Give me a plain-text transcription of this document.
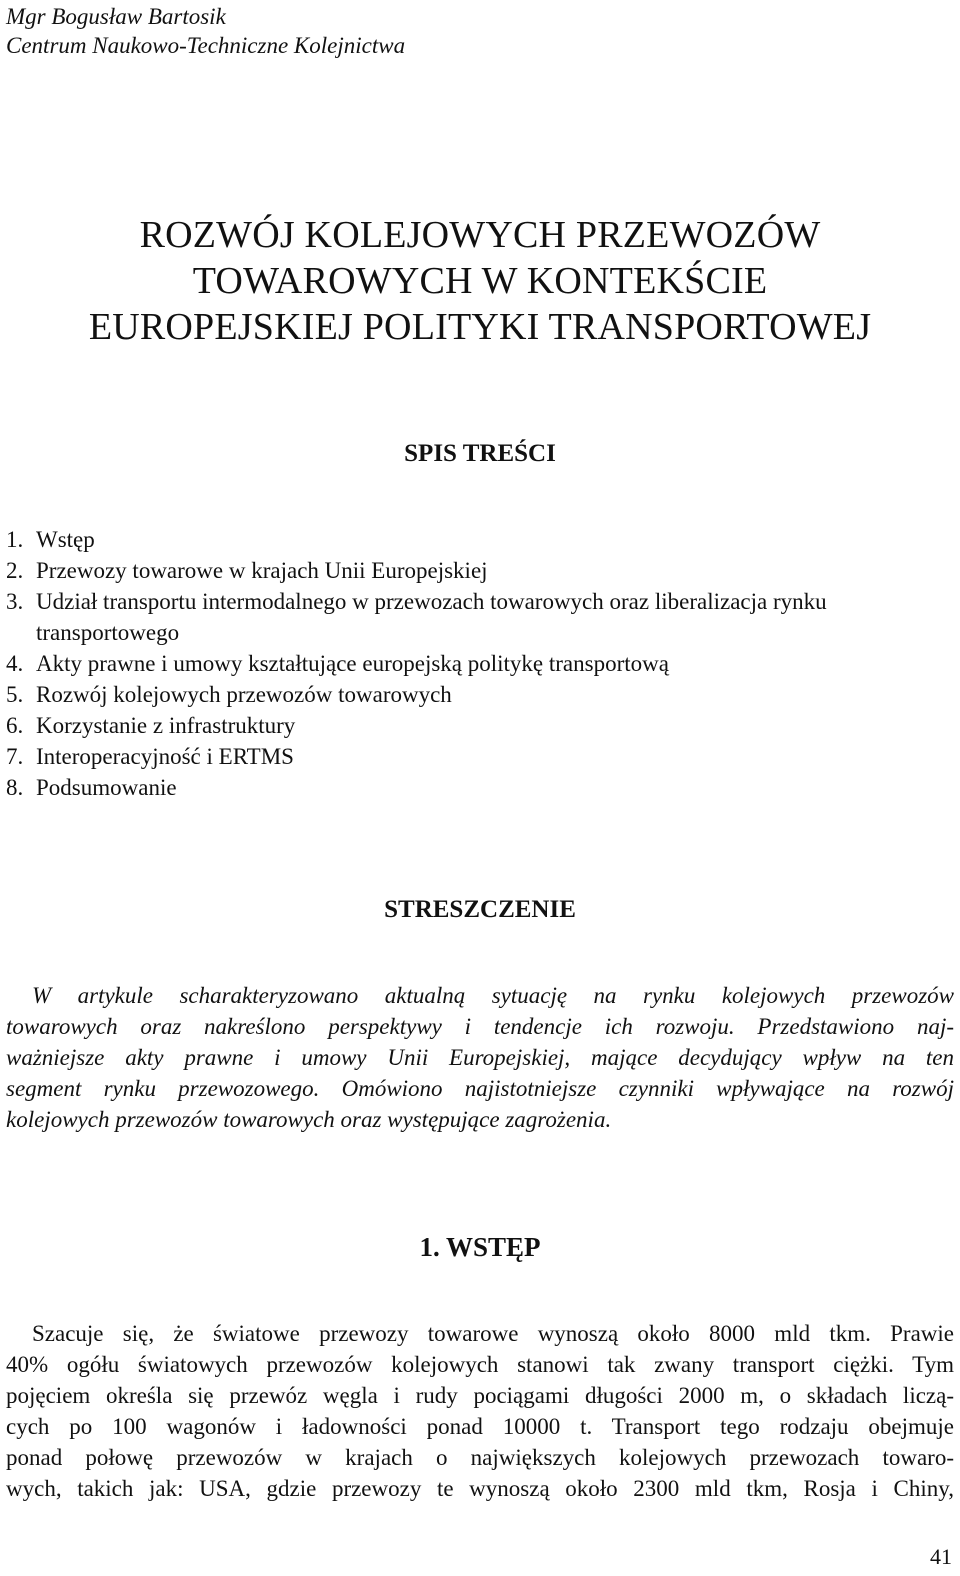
Mgr Bogusław Bartosik
Centrum Naukowo-Techniczne Kolejnictwa
ROZWÓJ KOLEJOWYCH PRZEWOZÓW
TOWAROWYCH W KONTEKŚCIE
EUROPEJSKIEJ POLITYKI TRANSPORTOWEJ
SPIS TREŚCI
1. Wstęp
2. Przewozy towarowe w krajach Unii Europejskiej
3. Udział transportu intermodalnego w przewozach towarowych oraz liberalizacja rynku transportowego
4. Akty prawne i umowy kształtujące europejską politykę transportową
5. Rozwój kolejowych przewozów towarowych
6. Korzystanie z infrastruktury
7. Interoperacyjność i ERTMS
8. Podsumowanie
STRESZCZENIE
W artykule scharakteryzowano aktualną sytuację na rynku kolejowych przewozów
towarowych oraz nakreślono perspektywy i tendencje ich rozwoju. Przedstawiono naj-
ważniejsze akty prawne i umowy Unii Europejskiej, mające decydujący wpływ na ten
segment rynku przewozowego. Omówiono najistotniejsze czynniki wpływające na rozwój
kolejowych przewozów towarowych oraz występujące zagrożenia.
1. WSTĘP
Szacuje się, że światowe przewozy towarowe wynoszą około 8000 mld tkm. Prawie
40% ogółu światowych przewozów kolejowych stanowi tak zwany transport ciężki. Tym
pojęciem określa się przewóz węgla i rudy pociągami długości 2000 m, o składach liczą-
cych po 100 wagonów i ładowności ponad 10000 t. Transport tego rodzaju obejmuje
ponad połowę przewozów w krajach o największych kolejowych przewozach towaro-
wych, takich jak: USA, gdzie przewozy te wynoszą około 2300 mld tkm, Rosja i Chiny,
41
